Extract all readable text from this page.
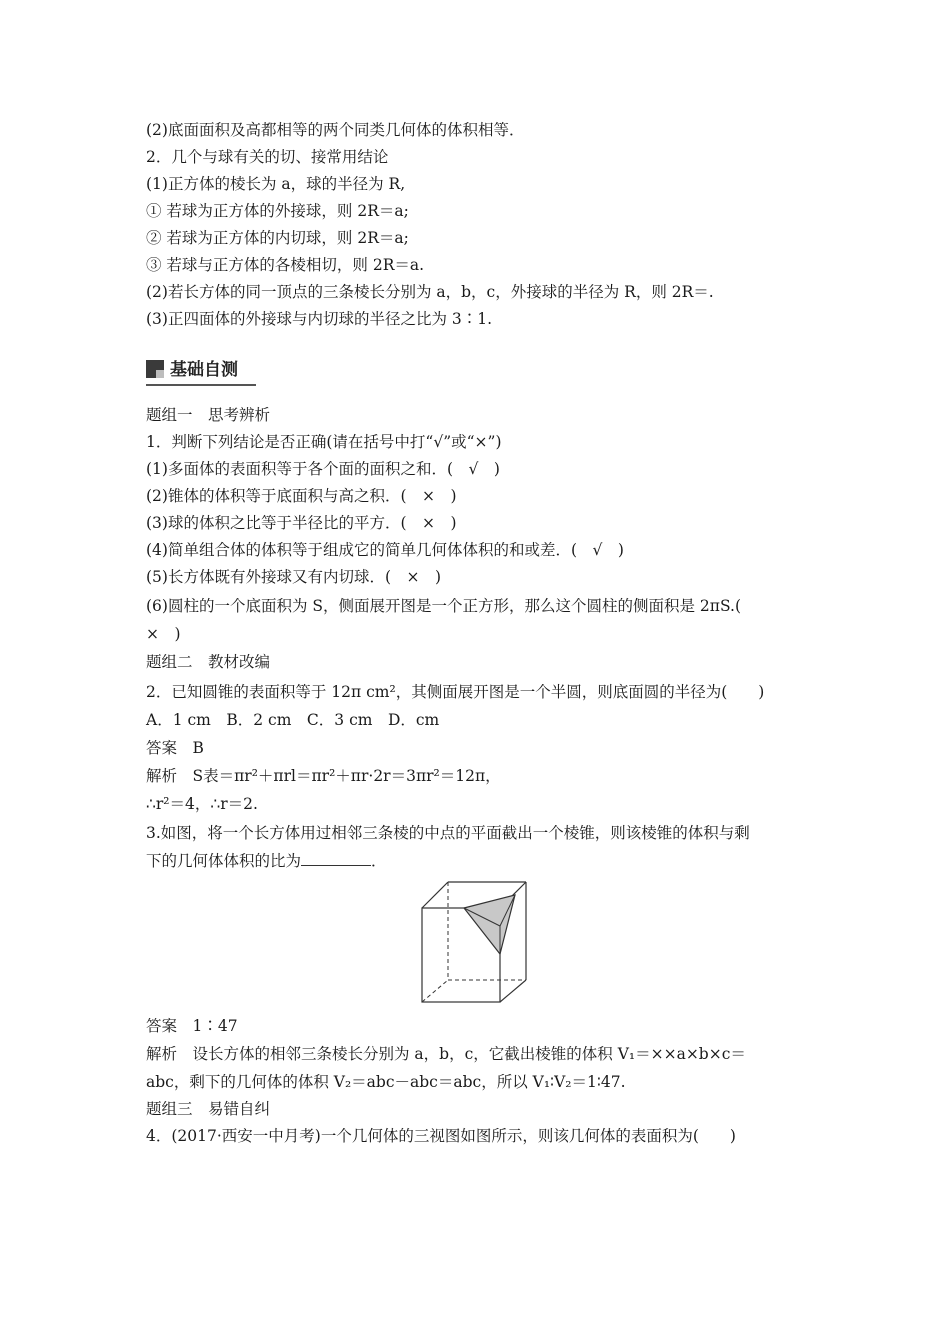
(2)底面面积及高都相等的两个同类几何体的体积相等．
2．几个与球有关的切、接常用结论
(1)正方体的棱长为 a，球的半径为 R,
① 若球为正方体的外接球，则 2R＝a;
② 若球为正方体的内切球，则 2R＝a;
③ 若球与正方体的各棱相切，则 2R＝a.
(2)若长方体的同一顶点的三条棱长分别为 a，b，c，外接球的半径为 R，则 2R＝.
(3)正四面体的外接球与内切球的半径之比为 3∶1.
基础自测
题组一　思考辨析
1．判断下列结论是否正确(请在括号中打“√”或“×”)
(1)多面体的表面积等于各个面的面积之和．(　√　)
(2)锥体的体积等于底面积与高之积．(　×　)
(3)球的体积之比等于半径比的平方．(　×　)
(4)简单组合体的体积等于组成它的简单几何体体积的和或差．(　√　)
(5)长方体既有外接球又有内切球．(　×　)
(6)圆柱的一个底面积为 S，侧面展开图是一个正方形，那么这个圆柱的侧面积是 2πS.(
×　)
题组二　教材改编
2．已知圆锥的表面积等于 12π cm²，其侧面展开图是一个半圆，则底面圆的半径为(　　)
A．1 cm　B．2 cm　C．3 cm　D．cm
答案　B
解析　S表＝πr²＋πrl＝πr²＋πr·2r＝3πr²＝12π，
∴r²＝4，∴r＝2.
3.如图，将一个长方体用过相邻三条棱的中点的平面截出一个棱锥，则该棱锥的体积与剩
下的几何体体积的比为	．
答案　1∶47
解析　设长方体的相邻三条棱长分别为 a，b，c，它截出棱锥的体积 V₁＝××a×b×c＝
abc，剩下的几何体的体积 V₂＝abc－abc＝abc，所以 V₁∶V₂＝1∶47.
题组三　易错自纠
4．(2017·西安一中月考)一个几何体的三视图如图所示，则该几何体的表面积为(　　)
